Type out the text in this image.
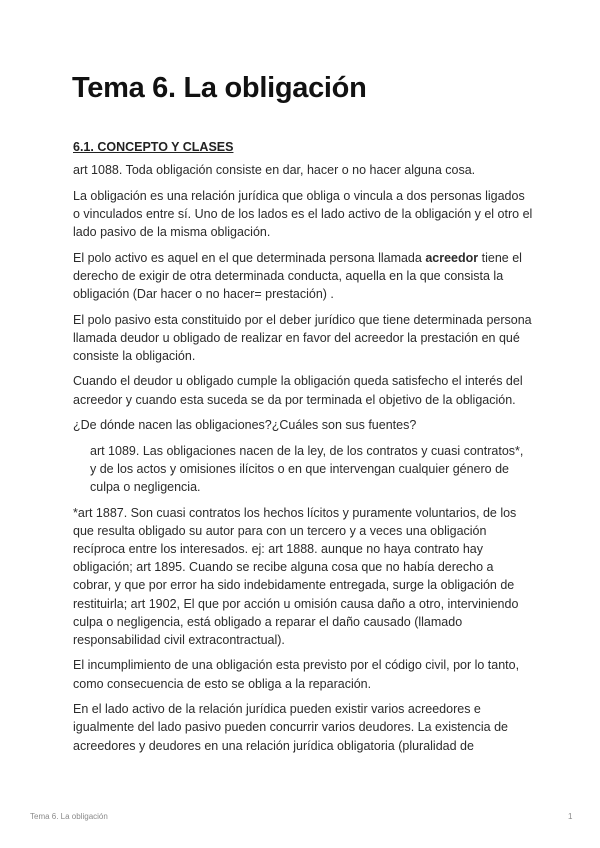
Tema 6. La obligación

6.1. CONCEPTO Y CLASES

art 1088. Toda obligación consiste en dar, hacer o no hacer alguna cosa.

La obligación es una relación jurídica que obliga o vincula a dos personas ligados o vinculados entre sí. Uno de los lados es el lado activo de la obligación y el otro el lado pasivo de la misma obligación.

El polo activo es aquel en el que determinada persona llamada acreedor tiene el derecho de exigir de otra determinada conducta, aquella en la que consista la obligación (Dar hacer o no hacer= prestación) .

El polo pasivo esta constituido por el deber jurídico que tiene determinada persona llamada deudor u obligado de realizar en favor del acreedor la prestación en qué consiste la obligación.

Cuando el deudor u obligado cumple la obligación queda satisfecho el interés del acreedor y cuando esta suceda se da por terminada el objetivo de la obligación.

¿De dónde nacen las obligaciones?¿Cuáles son sus fuentes?

art 1089. Las obligaciones nacen de la ley, de los contratos y cuasi contratos*, y de los actos y omisiones ilícitos o en que intervengan cualquier género de culpa o negligencia.

*art 1887. Son cuasi contratos los hechos lícitos y puramente voluntarios, de los que resulta obligado su autor para con un tercero y a veces una obligación recíproca entre los interesados. ej: art 1888. aunque no haya contrato hay obligación; art 1895. Cuando se recibe alguna cosa que no había derecho a cobrar, y que por error ha sido indebidamente entregada, surge la obligación de restituirla; art 1902, El que por acción u omisión causa daño a otro, interviniendo culpa o negligencia, está obligado a reparar el daño causado (llamado responsabilidad civil extracontractual).

El incumplimiento de una obligación esta previsto por el código civil, por lo tanto, como consecuencia de esto se obliga a la reparación.

En el lado activo de la relación jurídica pueden existir varios acreedores e igualmente del lado pasivo pueden concurrir varios deudores. La existencia de acreedores y deudores en una relación jurídica obligatoria (pluralidad de

Tema 6. La obligación	1
